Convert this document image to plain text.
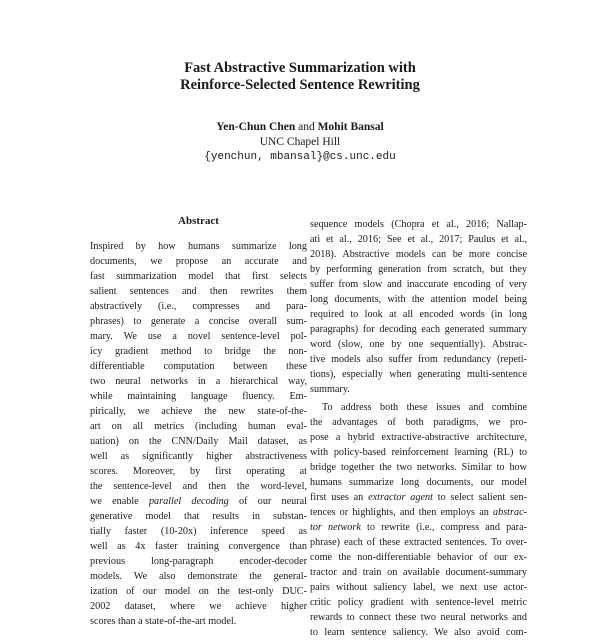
Fast Abstractive Summarization with
Reinforce-Selected Sentence Rewriting
Yen-Chun Chen and Mohit Bansal
UNC Chapel Hill
{yenchun, mbansal}@cs.unc.edu
Abstract
Inspired by how humans summarize long
documents, we propose an accurate and
fast summarization model that first selects
salient sentences and then rewrites them
abstractively (i.e., compresses and para-
phrases) to generate a concise overall sum-
mary. We use a novel sentence-level pol-
icy gradient method to bridge the non-
differentiable computation between these
two neural networks in a hierarchical way,
while maintaining language fluency. Em-
pirically, we achieve the new state-of-the-
art on all metrics (including human eval-
uation) on the CNN/Daily Mail dataset, as
well as significantly higher abstractiveness
scores. Moreover, by first operating at
the sentence-level and then the word-level,
we enable parallel decoding of our neural
generative model that results in substan-
tially faster (10-20x) inference speed as
well as 4x faster training convergence than
previous long-paragraph encoder-decoder
models. We also demonstrate the general-
ization of our model on the test-only DUC-
2002 dataset, where we achieve higher
scores than a state-of-the-art model.
sequence models (Chopra et al., 2016; Nallap-
ati et al., 2016; See et al., 2017; Paulus et al.,
2018). Abstractive models can be more concise
by performing generation from scratch, but they
suffer from slow and inaccurate encoding of very
long documents, with the attention model being
required to look at all encoded words (in long
paragraphs) for decoding each generated summary
word (slow, one by one sequentially). Abstrac-
tive models also suffer from redundancy (repeti-
tions), especially when generating multi-sentence
summary.
To address both these issues and combine
the advantages of both paradigms, we pro-
pose a hybrid extractive-abstractive architecture,
with policy-based reinforcement learning (RL) to
bridge together the two networks. Similar to how
humans summarize long documents, our model
first uses an extractor agent to select salient sen-
tences or highlights, and then employs an abstrac-
tor network to rewrite (i.e., compress and para-
phrase) each of these extracted sentences. To over-
come the non-differentiable behavior of our ex-
tractor and train on available document-summary
pairs without saliency label, we next use actor-
critic policy gradient with sentence-level metric
rewards to connect these two neural networks and
to learn sentence saliency. We also avoid com-
